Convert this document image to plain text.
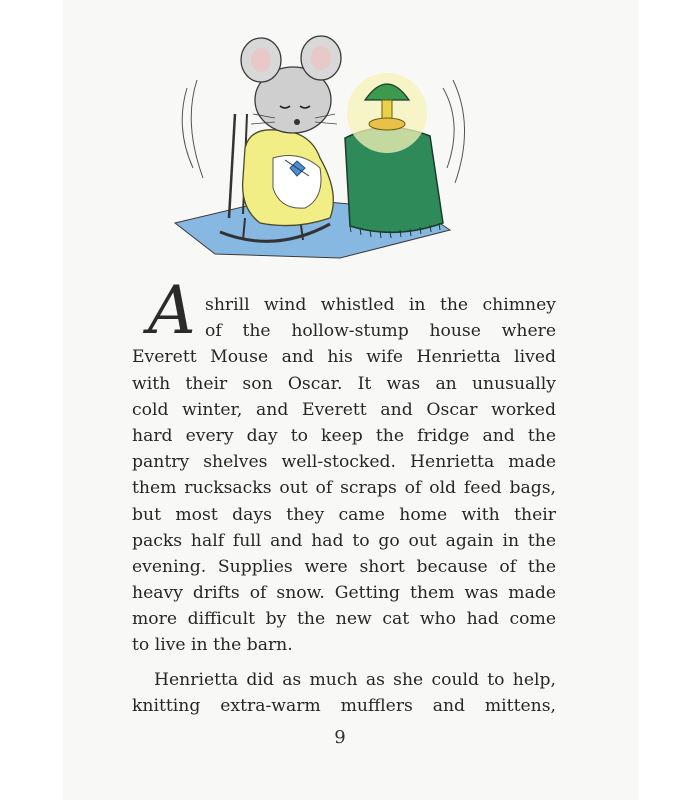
A shrill wind whistled in the chimney
of the hollow-stump house where
Everett Mouse and his wife Henrietta lived
with their son Oscar. It was an unusually
cold winter, and Everett and Oscar worked
hard every day to keep the fridge and the
pantry shelves well-stocked. Henrietta made
them rucksacks out of scraps of old feed bags,
but most days they came home with their
packs half full and had to go out again in the
evening. Supplies were short because of the
heavy drifts of snow. Getting them was made
more difficult by the new cat who had come
to live in the barn.
Henrietta did as much as she could to help,
knitting extra-warm mufflers and mittens,
9
